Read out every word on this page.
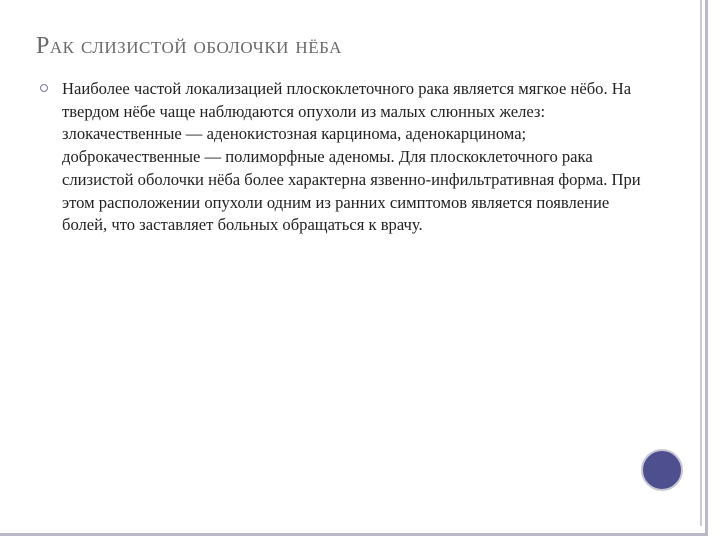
Рак слизистой оболочки нёба
Наиболее частой локализацией плоскоклеточного рака является мягкое нёбо. На твердом нёбе чаще наблюдаются опухоли из малых слюнных желез: злокачественные — аденокистозная карцинома, аденокарцинома; доброкачественные — полиморфные аденомы. Для плоскоклеточного рака слизистой оболочки нёба более характерна язвенно-инфильтративная форма. При этом расположении опухоли одним из ранних симптомов является появление болей, что заставляет больных обращаться к врачу.
